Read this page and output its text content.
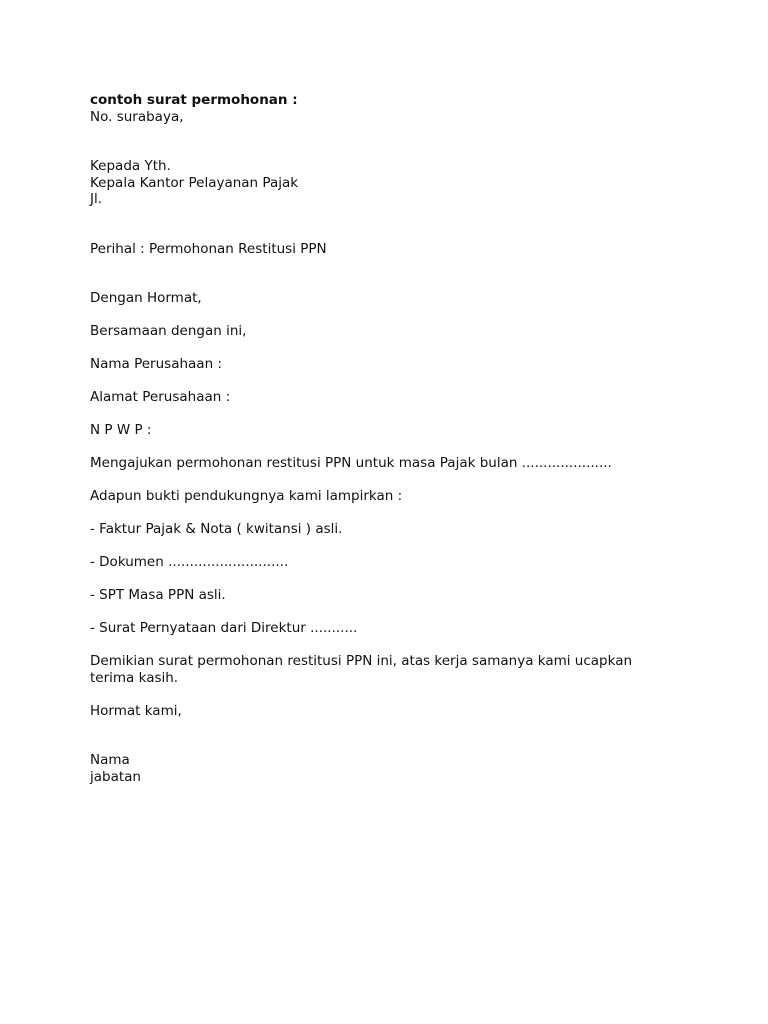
contoh surat permohonan :
No. surabaya,
Kepada Yth.
Kepala Kantor Pelayanan Pajak
Jl.
Perihal : Permohonan Restitusi PPN
Dengan Hormat,
Bersamaan dengan ini,
Nama Perusahaan :
Alamat Perusahaan :
N P W P :
Mengajukan permohonan restitusi PPN untuk masa Pajak bulan .....................
Adapun bukti pendukungnya kami lampirkan :
- Faktur Pajak & Nota ( kwitansi ) asli.
- Dokumen ............................
- SPT Masa PPN asli.
- Surat Pernyataan dari Direktur ...........
Demikian surat permohonan restitusi PPN ini, atas kerja samanya kami ucapkan terima kasih.
Hormat kami,
Nama
jabatan
